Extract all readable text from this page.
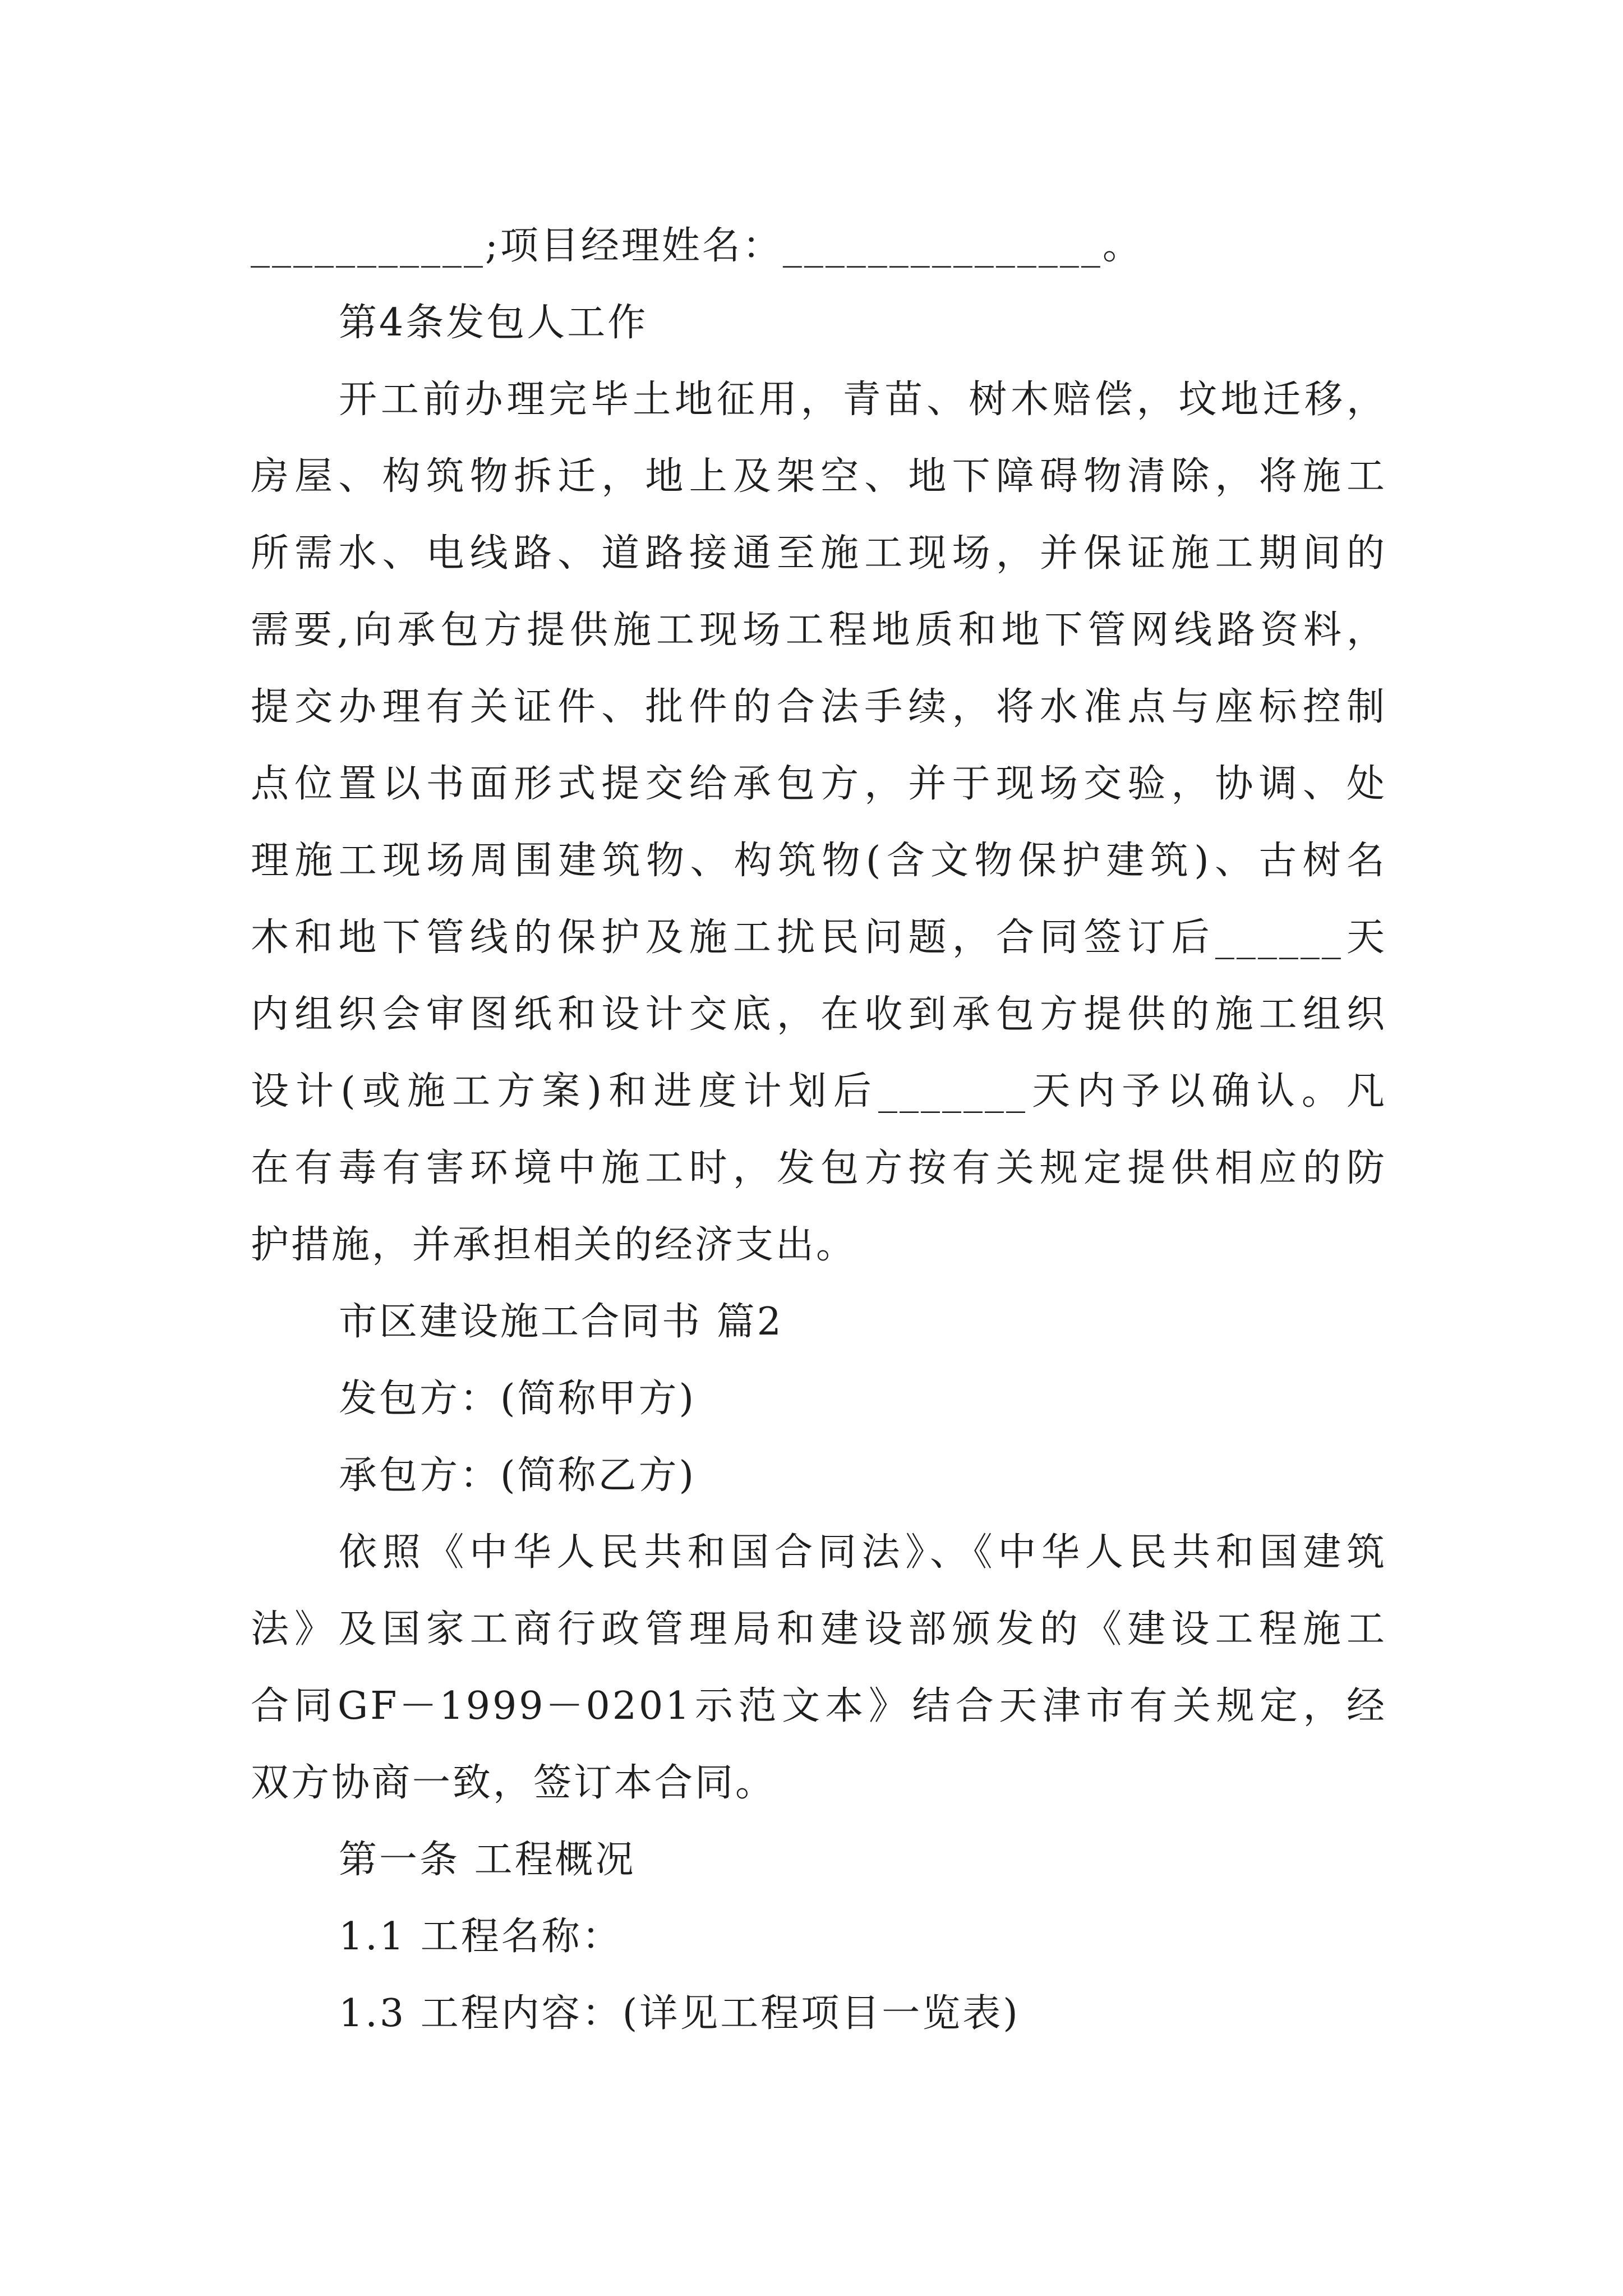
___________;项目经理姓名：_______________。
第4条发包人工作
开工前办理完毕土地征用，青苗、树木赔偿，坟地迁移，
房屋、构筑物拆迁，地上及架空、地下障碍物清除，将施工
所需水、电线路、道路接通至施工现场，并保证施工期间的
需要,向承包方提供施工现场工程地质和地下管网线路资料，
提交办理有关证件、批件的合法手续，将水准点与座标控制
点位置以书面形式提交给承包方，并于现场交验，协调、处
理施工现场周围建筑物、构筑物(含文物保护建筑)、古树名
木和地下管线的保护及施工扰民问题，合同签订后______天
内组织会审图纸和设计交底，在收到承包方提供的施工组织
设计(或施工方案)和进度计划后_______天内予以确认。凡
在有毒有害环境中施工时，发包方按有关规定提供相应的防
护措施，并承担相关的经济支出。
市区建设施工合同书 篇2
发包方：(简称甲方)
承包方：(简称乙方)
依照《中华人民共和国合同法》、《中华人民共和国建筑
法》及国家工商行政管理局和建设部颁发的《建设工程施工
合同GF－1999－0201示范文本》结合天津市有关规定，经
双方协商一致，签订本合同。
第一条 工程概况
1.1 工程名称：
1.3 工程内容：(详见工程项目一览表)
